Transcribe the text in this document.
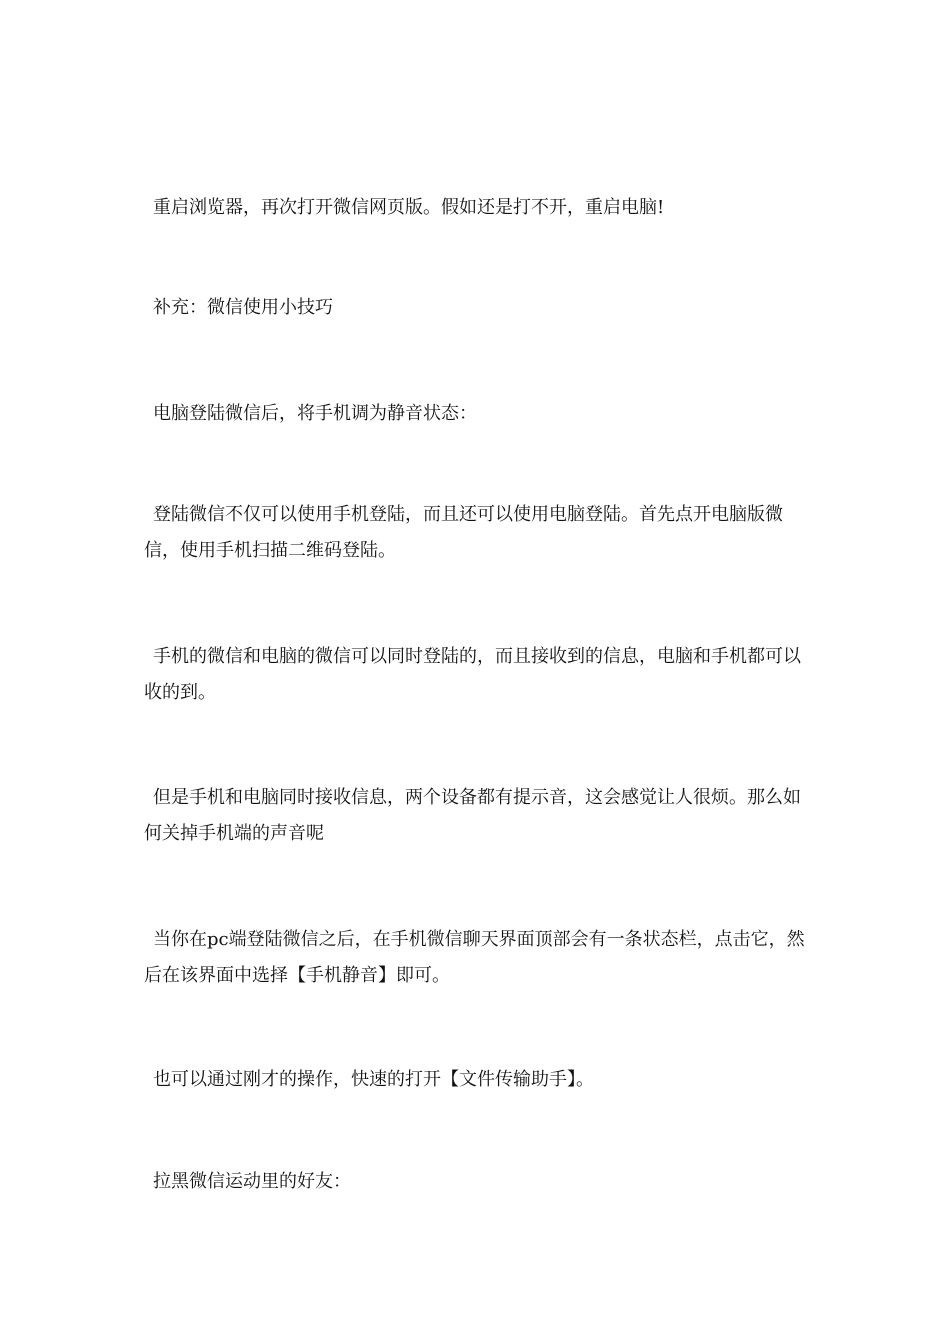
重启浏览器，再次打开微信网页版。假如还是打不开，重启电脑!

补充：微信使用小技巧

电脑登陆微信后，将手机调为静音状态：

登陆微信不仅可以使用手机登陆，而且还可以使用电脑登陆。首先点开电脑版微信，使用手机扫描二维码登陆。

手机的微信和电脑的微信可以同时登陆的，而且接收到的信息，电脑和手机都可以收的到。

但是手机和电脑同时接收信息，两个设备都有提示音，这会感觉让人很烦。那么如何关掉手机端的声音呢

当你在pc端登陆微信之后，在手机微信聊天界面顶部会有一条状态栏，点击它，然后在该界面中选择【手机静音】即可。

也可以通过刚才的操作，快速的打开【文件传输助手】。

拉黑微信运动里的好友：
